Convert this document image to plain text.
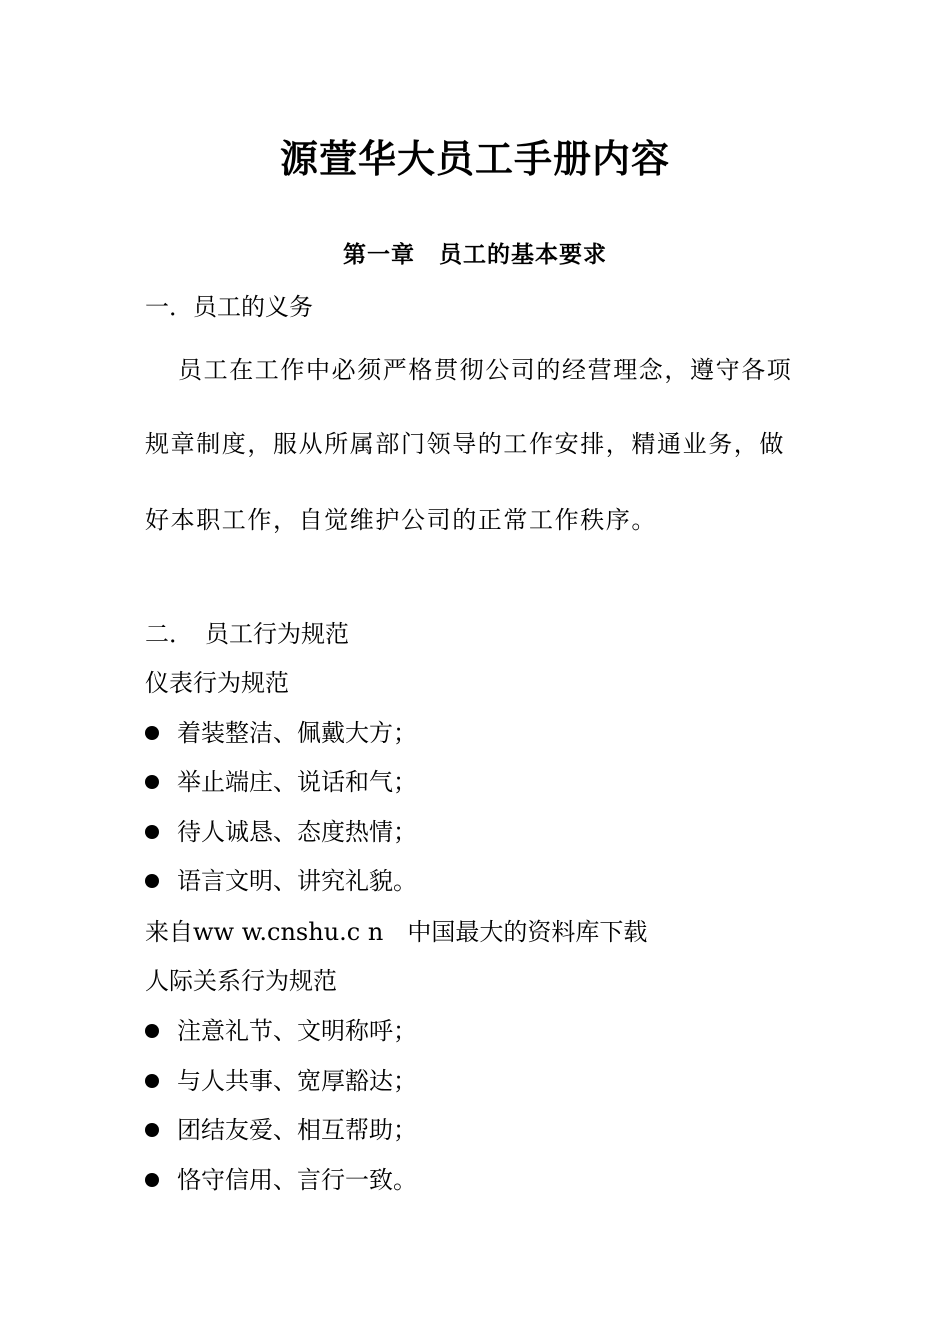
源萱华大员工手册内容
第一章　员工的基本要求
一．员工的义务
员工在工作中必须严格贯彻公司的经营理念，遵守各项
规章制度，服从所属部门领导的工作安排，精通业务，做
好本职工作，自觉维护公司的正常工作秩序。
二．　员工行为规范
仪表行为规范
着装整洁、佩戴大方；
举止端庄、说话和气；
待人诚恳、态度热情；
语言文明、讲究礼貌。
来自ww w.cnshu.c n　中国最大的资料库下载
人际关系行为规范
注意礼节、文明称呼；
与人共事、宽厚豁达；
团结友爱、相互帮助；
恪守信用、言行一致。
